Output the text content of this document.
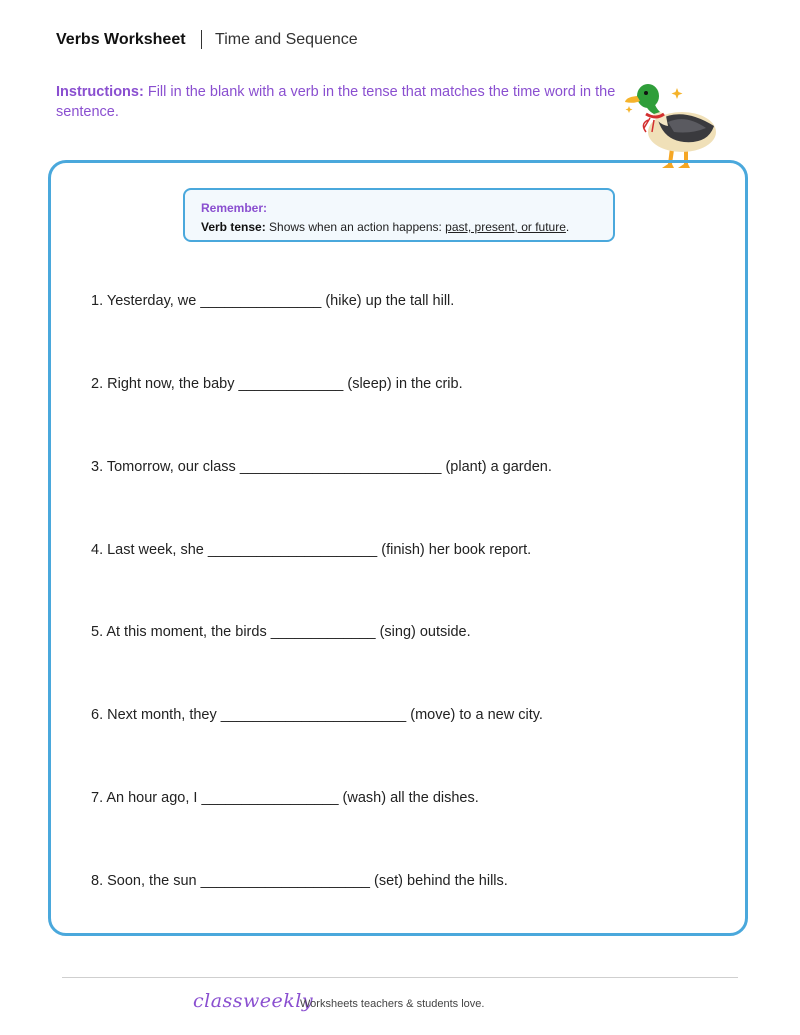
Verbs Worksheet Time and Sequence
Instructions: Fill in the blank with a verb in the tense that matches the time word in the sentence.
Remember:
Verb tense: Shows when an action happens: past, present, or future.
1. Yesterday, we _______________ (hike) up the tall hill.
2. Right now, the baby _____________ (sleep) in the crib.
3. Tomorrow, our class _________________________ (plant) a garden.
4. Last week, she _____________________ (finish) her book report.
5. At this moment, the birds _____________ (sing) outside.
6. Next month, they _______________________ (move) to a new city.
7. An hour ago, I _________________ (wash) all the dishes.
8. Soon, the sun _____________________ (set) behind the hills.
classweekly
Worksheets teachers & students love.
